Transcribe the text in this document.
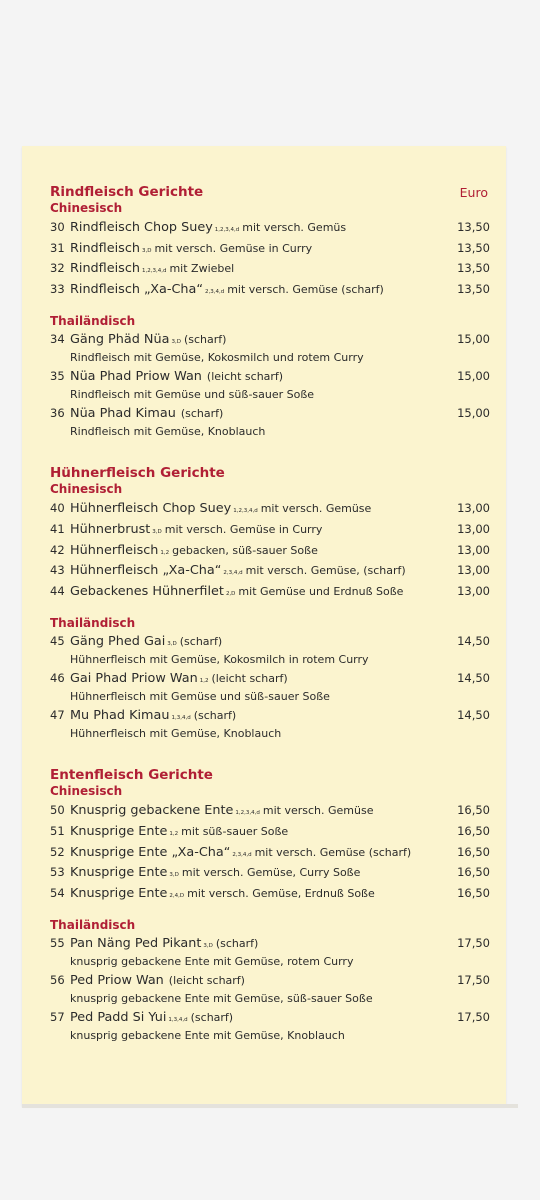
Rindfleisch Gerichte	Euro
Chinesisch
30 Rindfleisch Chop Suey 1,2,3,4,d mit versch. Gemüs	13,50
31 Rindfleisch 3,D mit versch. Gemüse in Curry	13,50
32 Rindfleisch 1,2,3,4,d mit Zwiebel	13,50
33 Rindfleisch „Xa-Cha“ 2,3,4,d mit versch. Gemüse (scharf)	13,50
Thailändisch
34 Gäng Phäd Nüa 3,D (scharf)	15,00
Rindfleisch mit Gemüse, Kokosmilch und rotem Curry
35 Nüa Phad Priow Wan (leicht scharf)	15,00
Rindfleisch mit Gemüse und süß-sauer Soße
36 Nüa Phad Kimau (scharf)	15,00
Rindfleisch mit Gemüse, Knoblauch
Hühnerfleisch Gerichte
Chinesisch
40 Hühnerfleisch Chop Suey 1,2,3,4,d mit versch. Gemüse	13,00
41 Hühnerbrust 3,D mit versch. Gemüse in Curry	13,00
42 Hühnerfleisch 1,2 gebacken, süß-sauer Soße	13,00
43 Hühnerfleisch „Xa-Cha“ 2,3,4,d mit versch. Gemüse, (scharf)	13,00
44 Gebackenes Hühnerfilet 2,D mit Gemüse und Erdnuß Soße	13,00
Thailändisch
45 Gäng Phed Gai 3,D (scharf)	14,50
Hühnerfleisch mit Gemüse, Kokosmilch in rotem Curry
46 Gai Phad Priow Wan 1,2 (leicht scharf)	14,50
Hühnerfleisch mit Gemüse und süß-sauer Soße
47 Mu Phad Kimau 1,3,4,d (scharf)	14,50
Hühnerfleisch mit Gemüse, Knoblauch
Entenfleisch Gerichte
Chinesisch
50 Knusprig gebackene Ente 1,2,3,4,d mit versch. Gemüse	16,50
51 Knusprige Ente 1,2 mit süß-sauer Soße	16,50
52 Knusprige Ente „Xa-Cha“ 2,3,4,d mit versch. Gemüse (scharf)	16,50
53 Knusprige Ente 3,D mit versch. Gemüse, Curry Soße	16,50
54 Knusprige Ente 2,4,D mit versch. Gemüse, Erdnuß Soße	16,50
Thailändisch
55 Pan Näng Ped Pikant 3,D (scharf)	17,50
knusprig gebackene Ente mit Gemüse, rotem Curry
56 Ped Priow Wan (leicht scharf)	17,50
knusprig gebackene Ente mit Gemüse, süß-sauer Soße
57 Ped Padd Si Yui 1,3,4,d (scharf)	17,50
knusprig gebackene Ente mit Gemüse, Knoblauch
